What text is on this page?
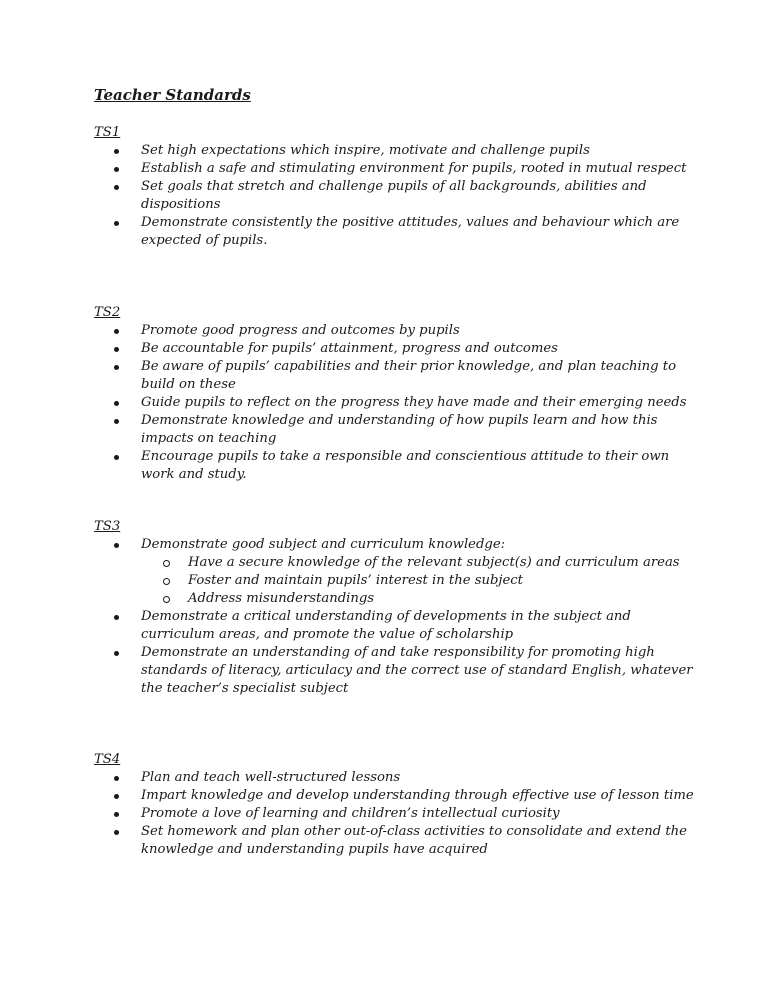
Teacher Standards
TS1
Set high expectations which inspire, motivate and challenge pupils
Establish a safe and stimulating environment for pupils, rooted in mutual respect
Set goals that stretch and challenge pupils of all backgrounds, abilities and dispositions
Demonstrate consistently the positive attitudes, values and behaviour which are expected of pupils.
TS2
Promote good progress and outcomes by pupils
Be accountable for pupils’ attainment, progress and outcomes
Be aware of pupils’ capabilities and their prior knowledge, and plan teaching to build on these
Guide pupils to reflect on the progress they have made and their emerging needs
Demonstrate knowledge and understanding of how pupils learn and how this impacts on teaching
Encourage pupils to take a responsible and conscientious attitude to their own work and study.
TS3
Demonstrate good subject and curriculum knowledge:
Have a secure knowledge of the relevant subject(s) and curriculum areas
Foster and maintain pupils’ interest in the subject
Address misunderstandings
Demonstrate a critical understanding of developments in the subject and curriculum areas, and promote the value of scholarship
Demonstrate an understanding of and take responsibility for promoting high standards of literacy, articulacy and the correct use of standard English, whatever the teacher’s specialist subject
TS4
Plan and teach well-structured lessons
Impart knowledge and develop understanding through effective use of lesson time
Promote a love of learning and children’s intellectual curiosity
Set homework and plan other out-of-class activities to consolidate and extend the knowledge and understanding pupils have acquired
